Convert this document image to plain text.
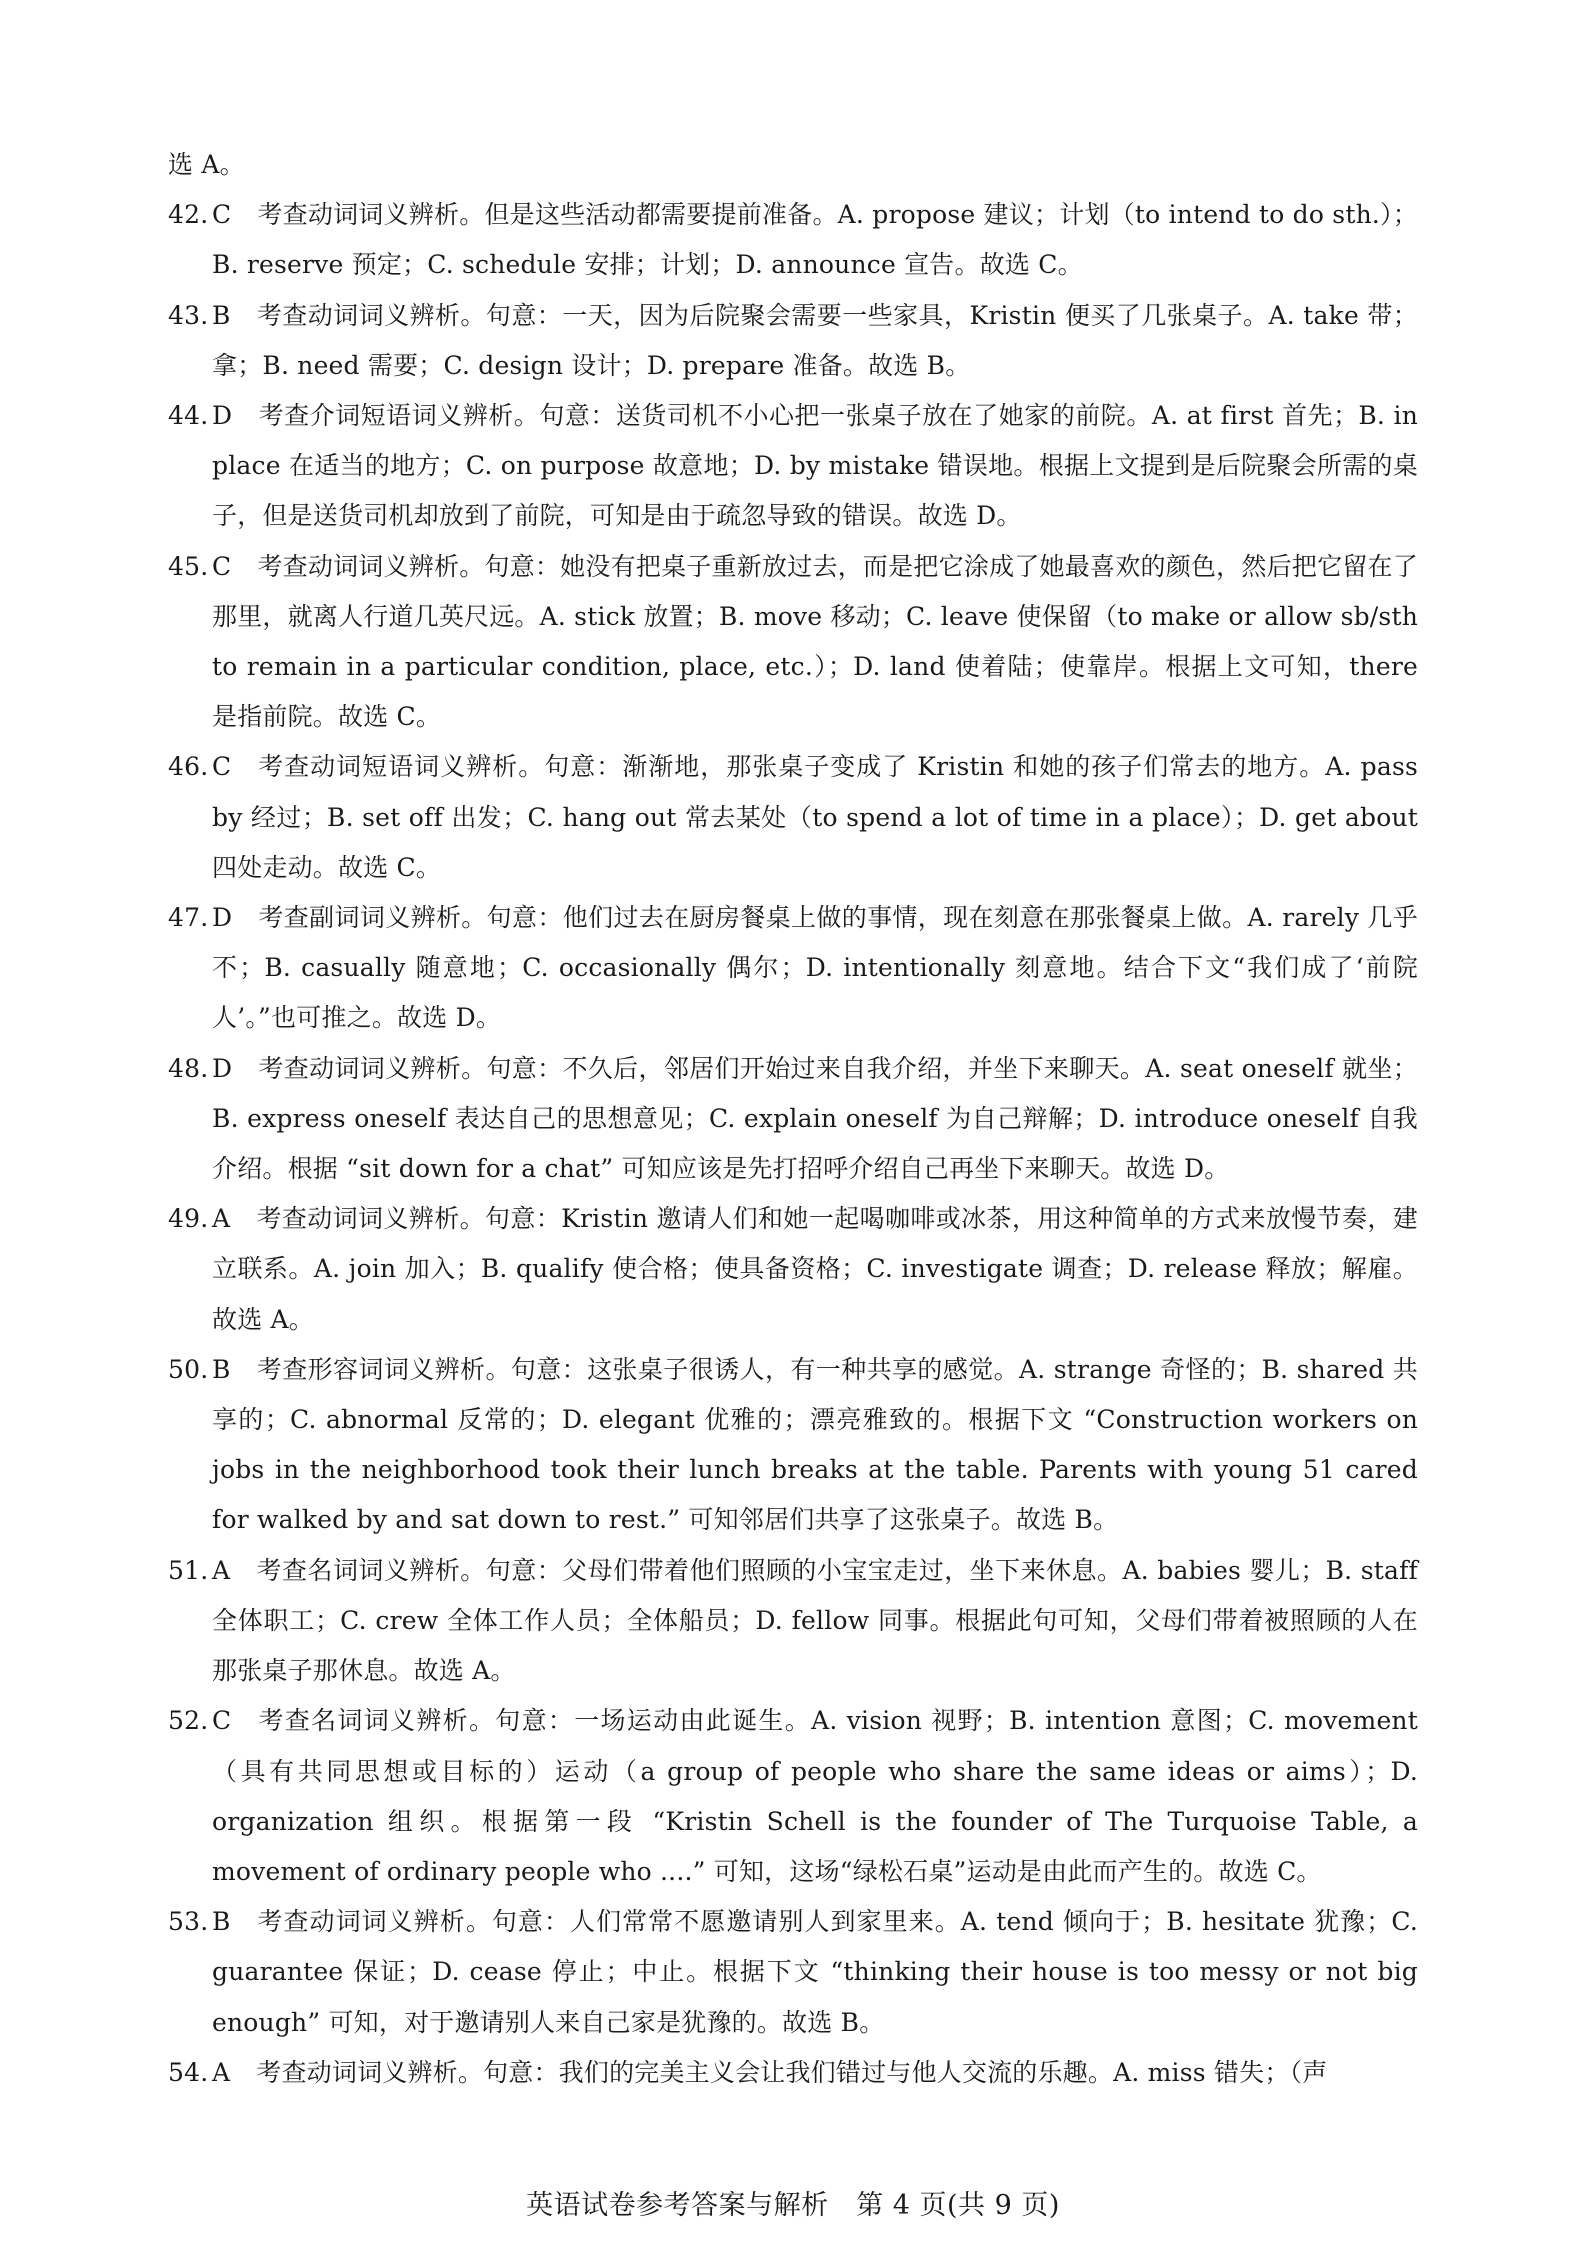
选 A。

42. C 考查动词词义辨析。但是这些活动都需要提前准备。A. propose 建议；计划（to intend to do sth.）；B. reserve 预定；C. schedule 安排；计划；D. announce 宣告。故选 C。
43. B 考查动词词义辨析。句意：一天，因为后院聚会需要一些家具，Kristin 便买了几张桌子。A. take 带；拿；B. need 需要；C. design 设计；D. prepare 准备。故选 B。
44. D 考查介词短语词义辨析。句意：送货司机不小心把一张桌子放在了她家的前院。A. at first 首先；B. in place 在适当的地方；C. on purpose 故意地；D. by mistake 错误地。根据上文提到是后院聚会所需的桌子，但是送货司机却放到了前院，可知是由于疏忽导致的错误。故选 D。
45. C 考查动词词义辨析。句意：她没有把桌子重新放过去，而是把它涂成了她最喜欢的颜色，然后把它留在了那里，就离人行道几英尺远。A. stick 放置；B. move 移动；C. leave 使保留（to make or allow sb/sth to remain in a particular condition, place, etc.）；D. land 使着陆；使靠岸。根据上文可知，there 是指前院。故选 C。
46. C 考查动词短语词义辨析。句意：渐渐地，那张桌子变成了 Kristin 和她的孩子们常去的地方。A. pass by 经过；B. set off 出发；C. hang out 常去某处（to spend a lot of time in a place）；D. get about 四处走动。故选 C。
47. D 考查副词词义辨析。句意：他们过去在厨房餐桌上做的事情，现在刻意在那张餐桌上做。A. rarely 几乎不；B. casually 随意地；C. occasionally 偶尔；D. intentionally 刻意地。结合下文“我们成了‘前院人’。”也可推之。故选 D。
48. D 考查动词词义辨析。句意：不久后，邻居们开始过来自我介绍，并坐下来聊天。A. seat oneself 就坐；B. express oneself 表达自己的思想意见；C. explain oneself 为自己辩解；D. introduce oneself 自我介绍。根据 “sit down for a chat” 可知应该是先打招呼介绍自己再坐下来聊天。故选 D。
49. A 考查动词词义辨析。句意：Kristin 邀请人们和她一起喝咖啡或冰茶，用这种简单的方式来放慢节奏，建立联系。A. join 加入；B. qualify 使合格；使具备资格；C. investigate 调查；D. release 释放；解雇。故选 A。
50. B 考查形容词词义辨析。句意：这张桌子很诱人，有一种共享的感觉。A. strange 奇怪的；B. shared 共享的；C. abnormal 反常的；D. elegant 优雅的；漂亮雅致的。根据下文 “Construction workers on jobs in the neighborhood took their lunch breaks at the table. Parents with young 51 cared for walked by and sat down to rest.” 可知邻居们共享了这张桌子。故选 B。
51. A 考查名词词义辨析。句意：父母们带着他们照顾的小宝宝走过，坐下来休息。A. babies 婴儿；B. staff 全体职工；C. crew 全体工作人员；全体船员；D. fellow 同事。根据此句可知，父母们带着被照顾的人在那张桌子那休息。故选 A。
52. C 考查名词词义辨析。句意：一场运动由此诞生。A. vision 视野；B. intention 意图；C. movement（具有共同思想或目标的）运动（a group of people who share the same ideas or aims）；D. organization 组织。根据第一段 “Kristin Schell is the founder of The Turquoise Table, a movement of ordinary people who ....” 可知，这场“绿松石桌”运动是由此而产生的。故选 C。
53. B 考查动词词义辨析。句意：人们常常不愿邀请别人到家里来。A. tend 倾向于；B. hesitate 犹豫；C. guarantee 保证；D. cease 停止；中止。根据下文 “thinking their house is too messy or not big enough” 可知，对于邀请别人来自己家是犹豫的。故选 B。
54. A 考查动词词义辨析。句意：我们的完美主义会让我们错过与他人交流的乐趣。A. miss 错失；（声
英语试卷参考答案与解析　第 4 页(共 9 页)
